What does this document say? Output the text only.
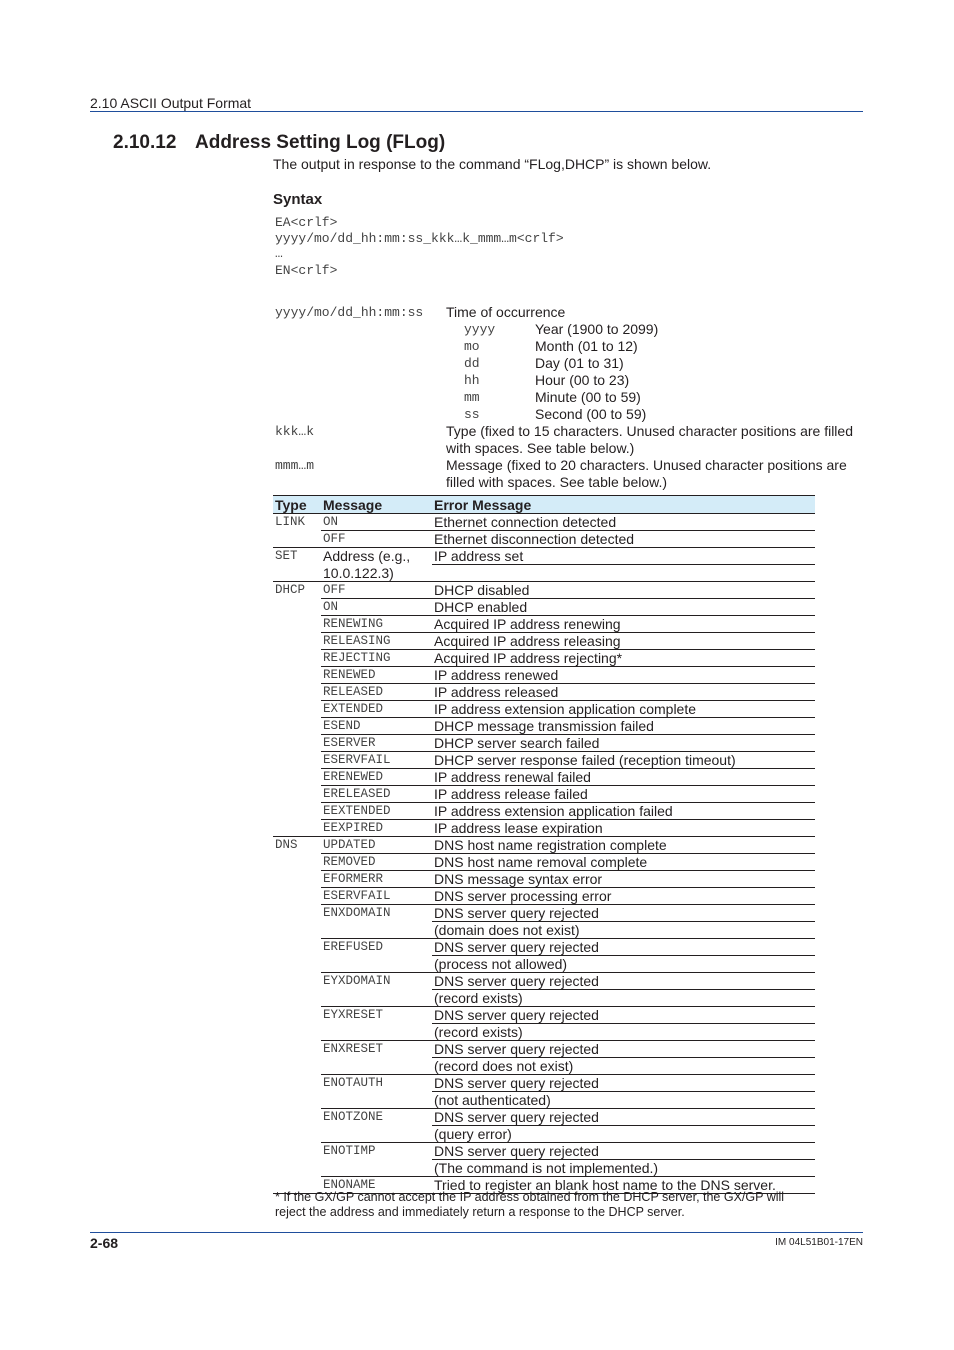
2.10 ASCII Output Format
2.10.12 Address Setting Log (FLog)
The output in response to the command “FLog,DHCP” is shown below.
Syntax
EA<crlf>
yyyy/mo/dd_hh:mm:ss_kkk…k_mmm…m<crlf>
…
EN<crlf>
yyyy/mo/dd_hh:mm:ss Time of occurrence
yyyy	Year (1900 to 2099)
mo	Month (01 to 12)
dd	Day (01 to 31)
hh	Hour (00 to 23)
mm	Minute (00 to 59)
ss	Second (00 to 59)
kkk…k	Type (fixed to 15 characters. Unused character positions are filled with spaces. See table below.)
mmm…m	Message (fixed to 20 characters. Unused character positions are filled with spaces. See table below.)
Type	Message	Error Message
LINK	ON	Ethernet connection detected
	OFF	Ethernet disconnection detected
SET	Address (e.g.,	IP address set
	10.0.122.3)	
DHCP	OFF	DHCP disabled
	ON	DHCP enabled
	RENEWING	Acquired IP address renewing
	RELEASING	Acquired IP address releasing
	REJECTING	Acquired IP address rejecting*
	RENEWED	IP address renewed
	RELEASED	IP address released
	EXTENDED	IP address extension application complete
	ESEND	DHCP message transmission failed
	ESERVER	DHCP server search failed
	ESERVFAIL	DHCP server response failed (reception timeout)
	ERENEWED	IP address renewal failed
	ERELEASED	IP address release failed
	EEXTENDED	IP address extension application failed
	EEXPIRED	IP address lease expiration
DNS	UPDATED	DNS host name registration complete
	REMOVED	DNS host name removal complete
	EFORMERR	DNS message syntax error
	ESERVFAIL	DNS server processing error
	ENXDOMAIN	DNS server query rejected
		(domain does not exist)
	EREFUSED	DNS server query rejected
		(process not allowed)
	EYXDOMAIN	DNS server query rejected
		(record exists)
	EYXRESET	DNS server query rejected
		(record exists)
	ENXRESET	DNS server query rejected
		(record does not exist)
	ENOTAUTH	DNS server query rejected
		(not authenticated)
	ENOTZONE	DNS server query rejected
		(query error)
	ENOTIMP	DNS server query rejected
		(The command is not implemented.)
	ENONAME	Tried to register an blank host name to the DNS server.
* If the GX/GP cannot accept the IP address obtained from the DHCP server, the GX/GP will reject the address and immediately return a response to the DHCP server.
2-68	IM 04L51B01-17EN
